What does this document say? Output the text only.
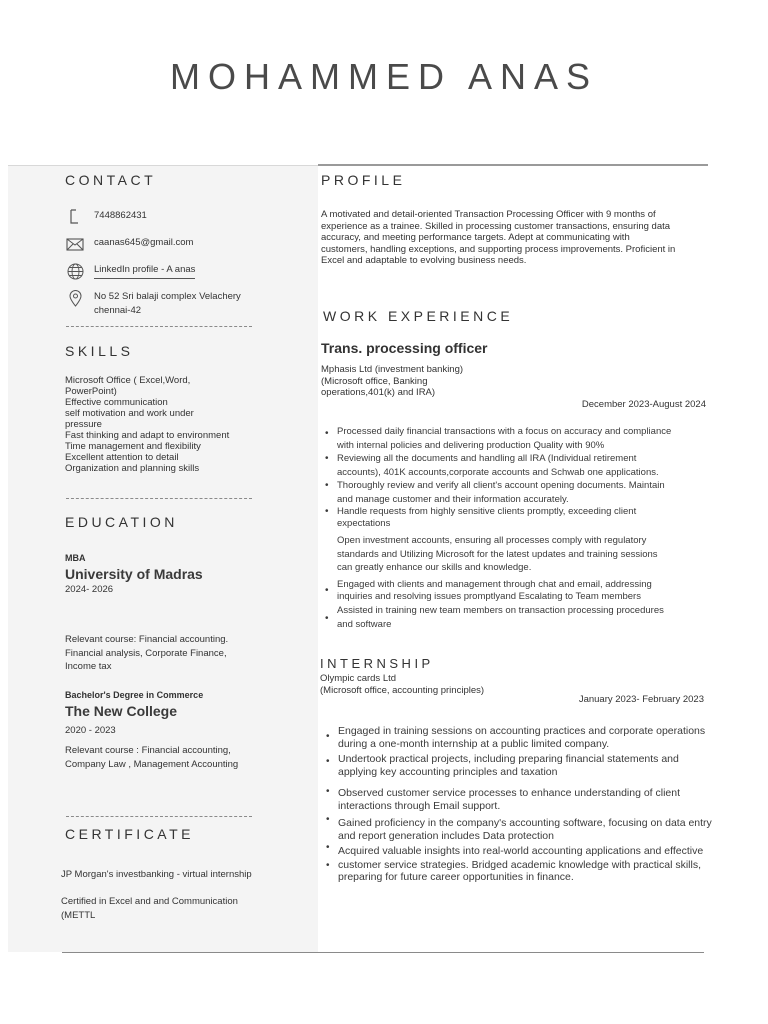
MOHAMMED ANAS
CONTACT
7448862431
caanas645@gmail.com
LinkedIn profile - A anas
No 52 Sri balaji complex Velachery
chennai-42
SKILLS
Microsoft Office ( Excel,Word,
PowerPoint)
Effective communication
self motivation and work under
pressure
Fast thinking and adapt to environment
Time management and flexibility
Excellent attention to detail
Organization and planning skills
EDUCATION
MBA
University of Madras
2024- 2026
Relevant course: Financial accounting.
Financial analysis, Corporate Finance,
Income tax
Bachelor's Degree in Commerce
The New College
2020 - 2023
Relevant course : Financial accounting,
Company Law , Management Accounting
CERTIFICATE
JP Morgan's investbanking - virtual internship
Certified in Excel and and Communication
(METTL
PROFILE
A motivated and detail-oriented Transaction Processing Officer with 9 months of
experience as a trainee. Skilled in processing customer transactions, ensuring data
accuracy, and meeting performance targets. Adept at communicating with
customers, handling exceptions, and supporting process improvements. Proficient in
Excel and adaptable to evolving business needs.
WORK EXPERIENCE
Trans. processing officer
Mphasis Ltd (investment banking)
(Microsoft office, Banking
operations,401(k) and IRA)
December 2023-August 2024
• Processed daily financial transactions with a focus on accuracy and compliance
with internal policies and delivering production Quality with 90%
• Reviewing all the documents and handling all IRA (Individual retirement
accounts), 401K accounts,corporate accounts and Schwab one applications.
• Thoroughly review and verify all client's account opening documents. Maintain
and manage customer and their information accurately.
• Handle requests from highly sensitive clients promptly, exceeding client
expectations
Open investment accounts, ensuring all processes comply with regulatory
standards and Utilizing Microsoft for the latest updates and training sessions
can greatly enhance our skills and knowledge.
•
Engaged with clients and management through chat and email, addressing
inquiries and resolving issues promptlyand Escalating to Team members
•
Assisted in training new team members on transaction processing procedures
and software
INTERNSHIP
Olympic cards Ltd
(Microsoft office, accounting principles)
January 2023- February 2023
• Engaged in training sessions on accounting practices and corporate operations
during a one-month internship at a public limited company.
• Undertook practical projects, including preparing financial statements and
applying key accounting principles and taxation
• Observed customer service processes to enhance understanding of client
interactions through Email support.
• Gained proficiency in the company's accounting software, focusing on data entry
and report generation includes Data protection
• Acquired valuable insights into real-world accounting applications and effective
• customer service strategies. Bridged academic knowledge with practical skills,
preparing for future career opportunities in finance.
